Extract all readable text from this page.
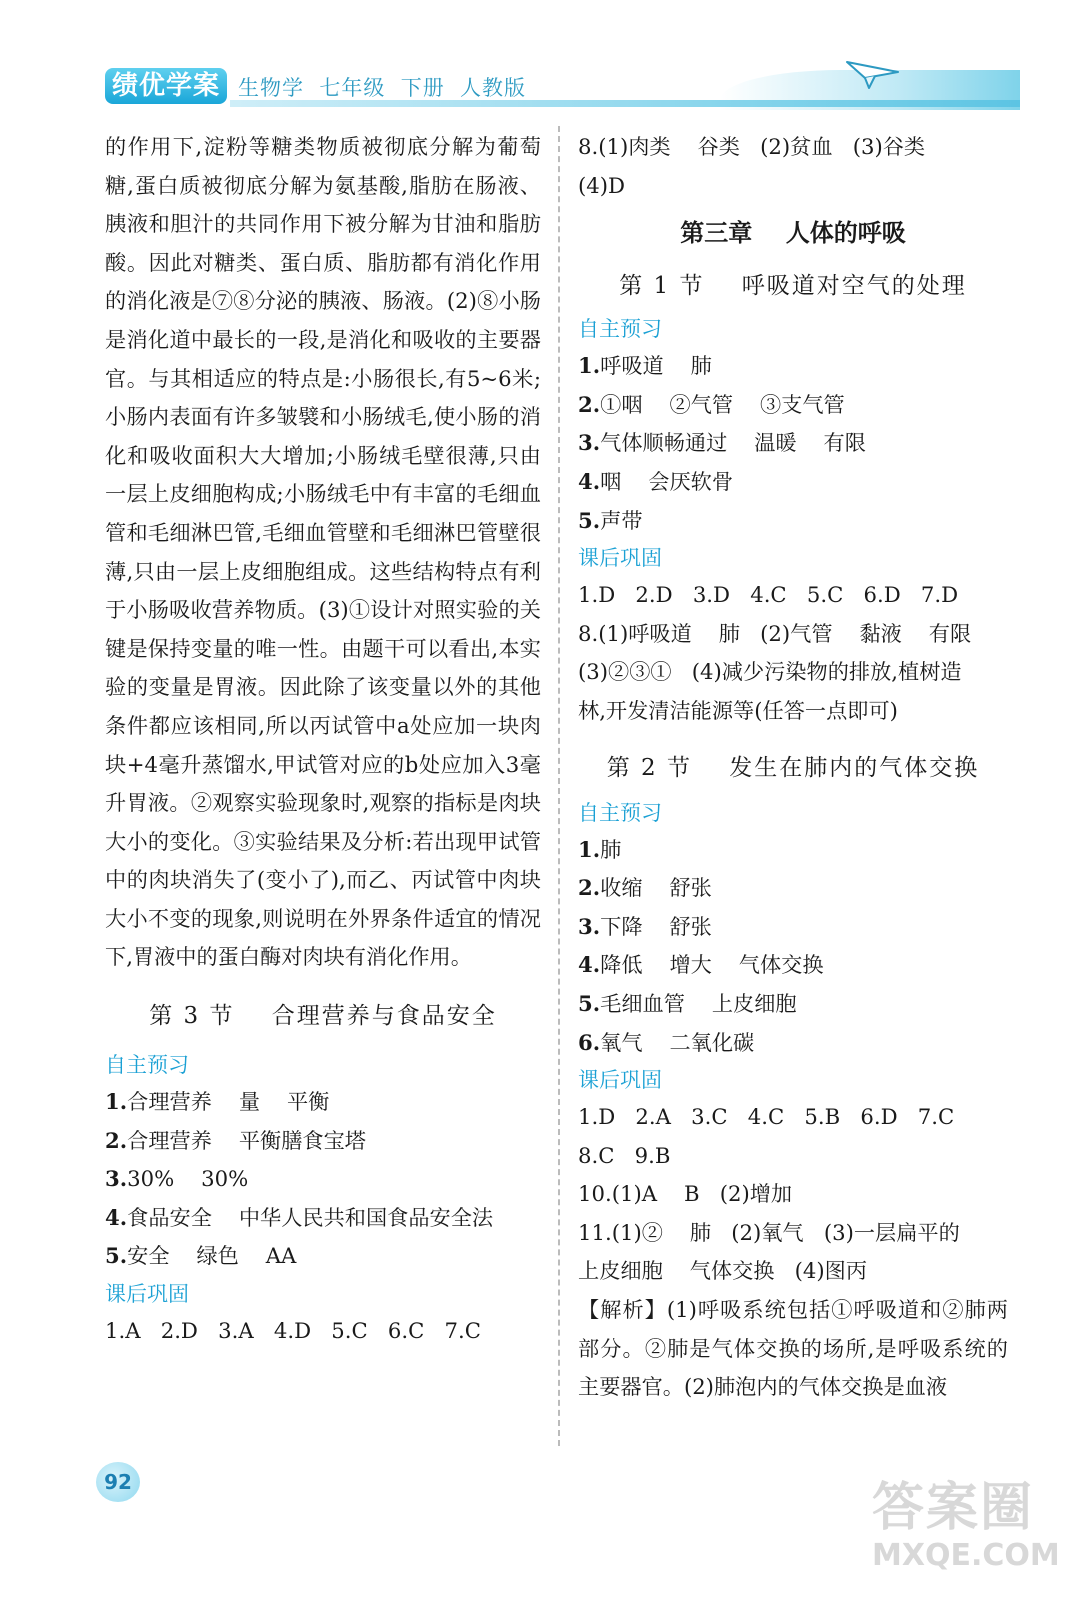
绩优学案 生物学  七年级  下册  人教版

的作用下,淀粉等糖类物质被彻底分解为葡萄糖,蛋白质被彻底分解为氨基酸,脂肪在肠液、胰液和胆汁的共同作用下被分解为甘油和脂肪酸。因此对糖类、蛋白质、脂肪都有消化作用的消化液是⑦⑧分泌的胰液、肠液。(2)⑧小肠是消化道中最长的一段,是消化和吸收的主要器官。与其相适应的特点是:小肠很长,有5~6米;小肠内表面有许多皱襞和小肠绒毛,使小肠的消化和吸收面积大大增加;小肠绒毛壁很薄,只由一层上皮细胞构成;小肠绒毛中有丰富的毛细血管和毛细淋巴管,毛细血管壁和毛细淋巴管壁很薄,只由一层上皮细胞组成。这些结构特点有利于小肠吸收营养物质。(3)①设计对照实验的关键是保持变量的唯一性。由题干可以看出,本实验的变量是胃液。因此除了该变量以外的其他条件都应该相同,所以丙试管中a处应加一块肉块+4毫升蒸馏水,甲试管对应的b处应加入3毫升胃液。②观察实验现象时,观察的指标是肉块大小的变化。③实验结果及分析:若出现甲试管中的肉块消失了(变小了),而乙、丙试管中肉块大小不变的现象,则说明在外界条件适宜的情况下,胃液中的蛋白酶对肉块有消化作用。

第 3 节    合理营养与食品安全

自主预习

1.合理营养    量    平衡

2.合理营养    平衡膳食宝塔

3.30%    30%

4.食品安全    中华人民共和国食品安全法

5.安全    绿色    AA

课后巩固

1.A   2.D   3.A   4.D   5.C   6.C   7.C

8.(1)肉类    谷类   (2)贫血   (3)谷类

(4)D

第三章    人体的呼吸

第 1 节    呼吸道对空气的处理

自主预习

1.呼吸道    肺

2.①咽    ②气管    ③支气管

3.气体顺畅通过    温暖    有限

4.咽    会厌软骨

5.声带

课后巩固

1.D   2.D   3.D   4.C   5.C   6.D   7.D

8.(1)呼吸道    肺   (2)气管    黏液    有限

(3)②③①   (4)减少污染物的排放,植树造

林,开发清洁能源等(任答一点即可)

第 2 节    发生在肺内的气体交换

自主预习

1.肺

2.收缩    舒张

3.下降    舒张

4.降低    增大    气体交换

5.毛细血管    上皮细胞

6.氧气    二氧化碳

课后巩固

1.D   2.A   3.C   4.C   5.B   6.D   7.C

8.C   9.B

10.(1)A    B   (2)增加

11.(1)②    肺   (2)氧气   (3)一层扁平的

上皮细胞    气体交换   (4)图丙

【解析】(1)呼吸系统包括①呼吸道和②肺两部分。②肺是气体交换的场所,是呼吸系统的主要器官。(2)肺泡内的气体交换是血液

92	答案圈
MXQE.COM
